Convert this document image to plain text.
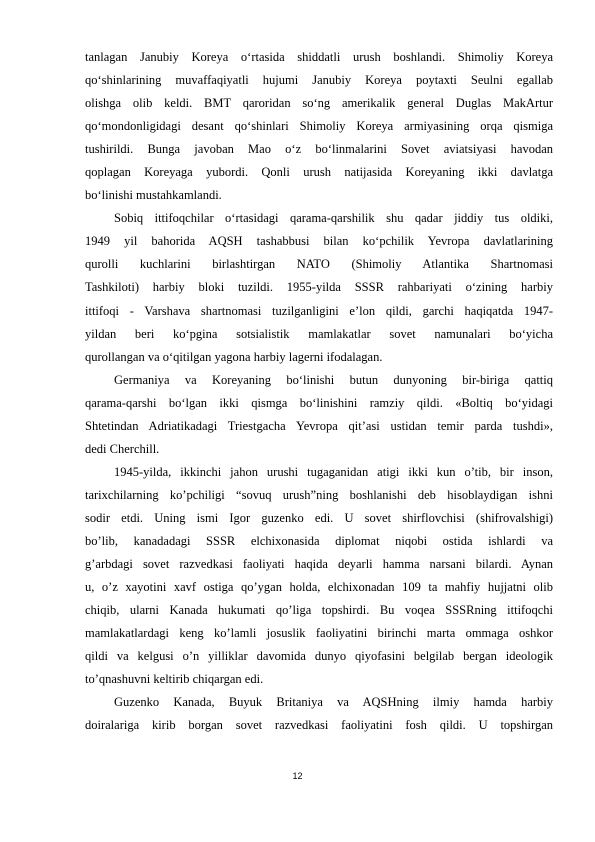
tanlagan Janubiy Koreya o‘rtasida shiddatli urush boshlandi. Shimoliy Koreya
qo‘shinlarining muvaffaqiyatli hujumi Janubiy Koreya poytaxti Seulni egallab
olishga olib keldi. BMT qaroridan so‘ng amerikalik general Duglas MakArtur
qo‘mondonligidagi desant qo‘shinlari Shimoliy Koreya armiyasining orqa qismiga
tushirildi. Bunga javoban Mao o‘z bo‘linmalarini Sovet aviatsiyasi havodan
qoplagan Koreyaga yubordi. Qonli urush natijasida Koreyaning ikki davlatga
bo‘linishi mustahkamlandi.
Sobiq ittifoqchilar o‘rtasidagi qarama-qarshilik shu qadar jiddiy tus oldiki,
1949 yil bahorida AQSH tashabbusi bilan ko‘pchilik Yevropa davlatlarining
qurolli kuchlarini birlashtirgan NATO (Shimoliy Atlantika Shartnomasi
Tashkiloti) harbiy bloki tuzildi. 1955-yilda SSSR rahbariyati o‘zining harbiy
ittifoqi - Varshava shartnomasi tuzilganligini e’lon qildi, garchi haqiqatda 1947-
yildan beri ko‘pgina sotsialistik mamlakatlar sovet namunalari bo‘yicha
qurollangan va o‘qitilgan yagona harbiy lagerni ifodalagan.
Germaniya va Koreyaning bo‘linishi butun dunyoning bir-biriga qattiq
qarama-qarshi bo‘lgan ikki qismga bo‘linishini ramziy qildi. «Boltiq bo‘yidagi
Shtetindan Adriatikadagi Triestgacha Yevropa qit’asi ustidan temir parda tushdi»,
dedi Cherchill.
1945-yilda, ikkinchi jahon urushi tugaganidan atigi ikki kun o’tib, bir inson,
tarixchilarning ko’pchiligi “sovuq urush”ning boshlanishi deb hisoblaydigan ishni
sodir etdi. Uning ismi Igor guzenko edi. U sovet shirflovchisi (shifrovalshigi)
bo’lib, kanadadagi SSSR elchixonasida diplomat niqobi ostida ishlardi va
g’arbdagi sovet razvedkasi faoliyati haqida deyarli hamma narsani bilardi. Aynan
u, o’z xayotini xavf ostiga qo’ygan holda, elchixonadan 109 ta mahfiy hujjatni olib
chiqib, ularni Kanada hukumati qo’liga topshirdi. Bu voqea SSSRning ittifoqchi
mamlakatlardagi keng ko’lamli josuslik faoliyatini birinchi marta ommaga oshkor
qildi va kelgusi o’n yilliklar davomida dunyo qiyofasini belgilab bergan ideologik
to’qnashuvni keltirib chiqargan edi.
Guzenko Kanada, Buyuk Britaniya va AQSHning ilmiy hamda harbiy
doiralariga kirib borgan sovet razvedkasi faoliyatini fosh qildi. U topshirgan
12
